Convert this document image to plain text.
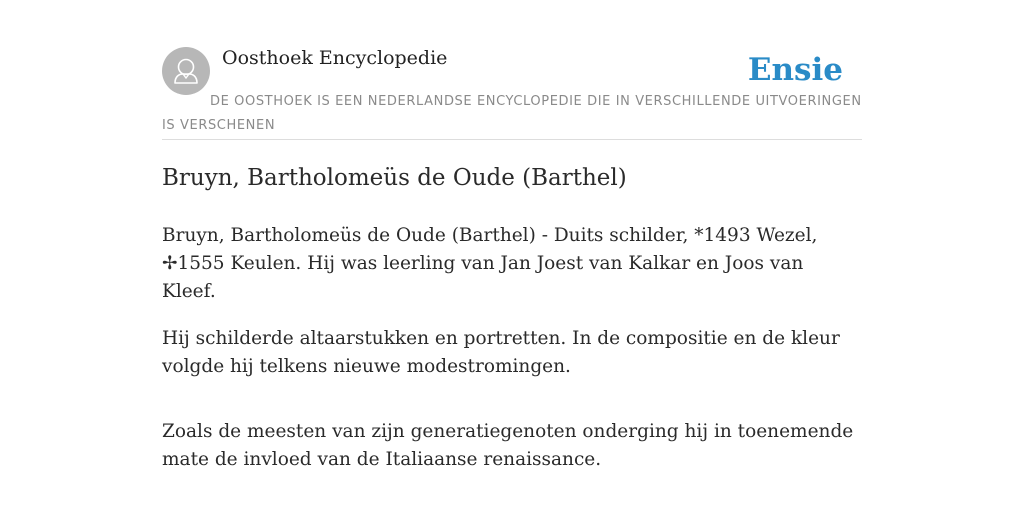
Oosthoek Encyclopedie	Ensie
DE OOSTHOEK IS EEN NEDERLANDSE ENCYCLOPEDIE DIE IN VERSCHILLENDE UITVOERINGEN IS VERSCHENEN
Bruyn, Bartholomeüs de Oude (Barthel)

Bruyn, Bartholomeüs de Oude (Barthel) - Duits schilder, *1493 Wezel, ✢1555 Keulen. Hij was leerling van Jan Joest van Kalkar en Joos van Kleef.

Hij schilderde altaarstukken en portretten. In de compositie en de kleur volgde hij telkens nieuwe modestromingen.

Zoals de meesten van zijn generatiegenoten onderging hij in toenemende mate de invloed van de Italiaanse renaissance.
